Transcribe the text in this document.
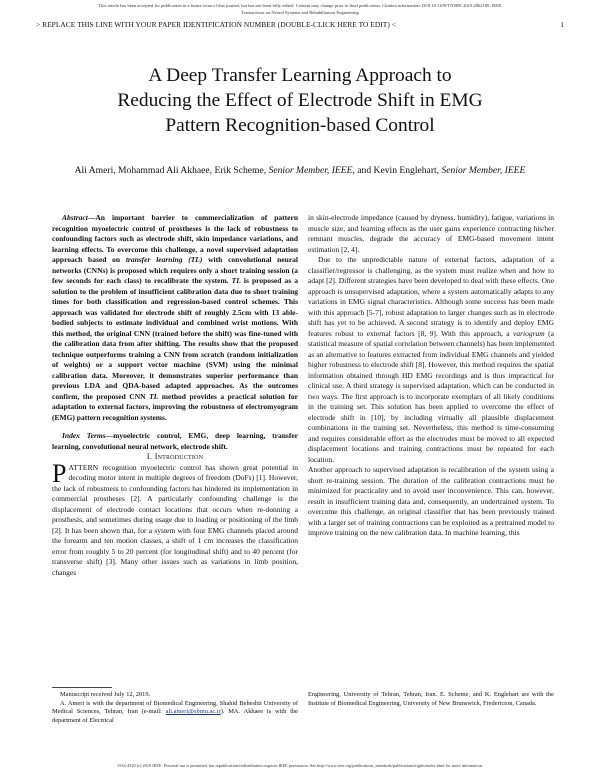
This article has been accepted for publication in a future issue of this journal, but has not been fully edited. Content may change prior to final publication. Citation information: DOI 10.1109/TNSRE.2019.2962189, IEEE
Transactions on Neural Systems and Rehabilitation Engineering
> REPLACE THIS LINE WITH YOUR PAPER IDENTIFICATION NUMBER (DOUBLE-CLICK HERE TO EDIT) <	1
A Deep Transfer Learning Approach to
Reducing the Effect of Electrode Shift in EMG
Pattern Recognition-based Control
Ali Ameri, Mohammad Ali Akhaee, Erik Scheme, Senior Member, IEEE, and Kevin Englehart, Senior Member, IEEE

Abstract—An important barrier to commercialization of pattern recognition myoelectric control of prostheses is the lack of robustness to confounding factors such as electrode shift, skin impedance variations, and learning effects. To overcome this challenge, a novel supervised adaptation approach based on transfer learning (TL) with convolutional neural networks (CNNs) is proposed which requires only a short training session (a few seconds for each class) to recalibrate the system. TL is proposed as a solution to the problem of insufficient calibration data due to short training times for both classification and regression-based control schemes. This approach was validated for electrode shift of roughly 2.5cm with 13 able-bodied subjects to estimate individual and combined wrist motions. With this method, the original CNN (trained before the shift) was fine-tuned with the calibration data from after shifting. The results show that the proposed technique outperforms training a CNN from scratch (random initialization of weights) or a support vector machine (SVM) using the minimal calibration data. Moreover, it demonstrates superior performance than previous LDA and QDA-based adapted approaches. As the outcomes confirm, the proposed CNN TL method provides a practical solution for adaptation to external factors, improving the robustness of electromyogram (EMG) pattern recognition systems.

Index Terms—myoelectric control, EMG, deep learning, transfer learning, convolutional neural network, electrode shift.

I. Introduction

PATTERN recognition myoelectric control has shown great potential in decoding motor intent in multiple degrees of freedom (DoFs) [1]. However, the lack of robustness to confounding factors has hindered its implementation in commercial prostheses [2]. A particularly confounding challenge is the displacement of electrode contact locations that occurs when re-donning a prosthesis, and sometimes during usage due to loading or positioning of the limb [2]. It has been shown that, for a system with four EMG channels placed around the forearm and ten motion classes, a shift of 1 cm increases the classification error from roughly 5 to 20 percent (for longitudinal shift) and to 40 percent (for transverse shift) [3]. Many other issues such as variations in limb position, changes

in skin-electrode impedance (caused by dryness, humidity), fatigue, variations in muscle size, and learning effects as the user gains experience contracting his/her remnant muscles, degrade the accuracy of EMG-based movement intent estimation [2, 4].

Due to the unpredictable nature of external factors, adaptation of a classifier/regressor is challenging, as the system must realize when and how to adapt [2]. Different strategies have been developed to deal with these effects. One approach is unsupervised adaptation, where a system automatically adapts to any variations in EMG signal characteristics. Although some success has been made with this approach [5-7], robust adaptation to larger changes such as in electrode shift has yet to be achieved. A second strategy is to identify and deploy EMG features robust to external factors [8, 9]. With this approach, a variogram (a statistical measure of spatial correlation between channels) has been implemented as an alternative to features extracted from individual EMG channels and yielded higher robustness to electrode shift [8]. However, this method requires the spatial information obtained through HD EMG recordings and is thus impractical for clinical use. A third strategy is supervised adaptation, which can be conducted in two ways. The first approach is to incorporate exemplars of all likely conditions in the training set. This solution has been applied to overcome the effect of electrode shift in [10], by including virtually all plausible displacement combinations in the training set. Nevertheless, this method is time-consuming and requires considerable effort as the electrodes must be moved to all expected displacement locations and training contractions must be repeated for each location.

Another approach to supervised adaptation is recalibration of the system using a short re-training session. The duration of the calibration contractions must be minimized for practicality and to avoid user inconvenience. This can, however, result in insufficient training data and, consequently, an undertrained system. To overcome this challenge, an original classifier that has been previously trained with a larger set of training contractions can be exploited as a pretrained model to improve training on the new calibration data. In machine learning, this

Manuscript received July 12, 2019.

A. Ameri is with the department of Biomedical Engineering, Shahid Beheshti University of Medical Sciences, Tehran, Iran (e-mail: ali.ameri@sbmu.ac.ir). MA. Akhaee is with the department of Electrical

Engineering, University of Tehran, Tehran, Iran. E. Scheme, and K. Englehart are with the Institute of Biomedical Engineering, University of New Brunswick, Fredericton, Canada.

1534-4320 (c) 2019 IEEE. Personal use is permitted, but republication/redistribution requires IEEE permission. See http://www.ieee.org/publications_standards/publications/rights/index.html for more information.
